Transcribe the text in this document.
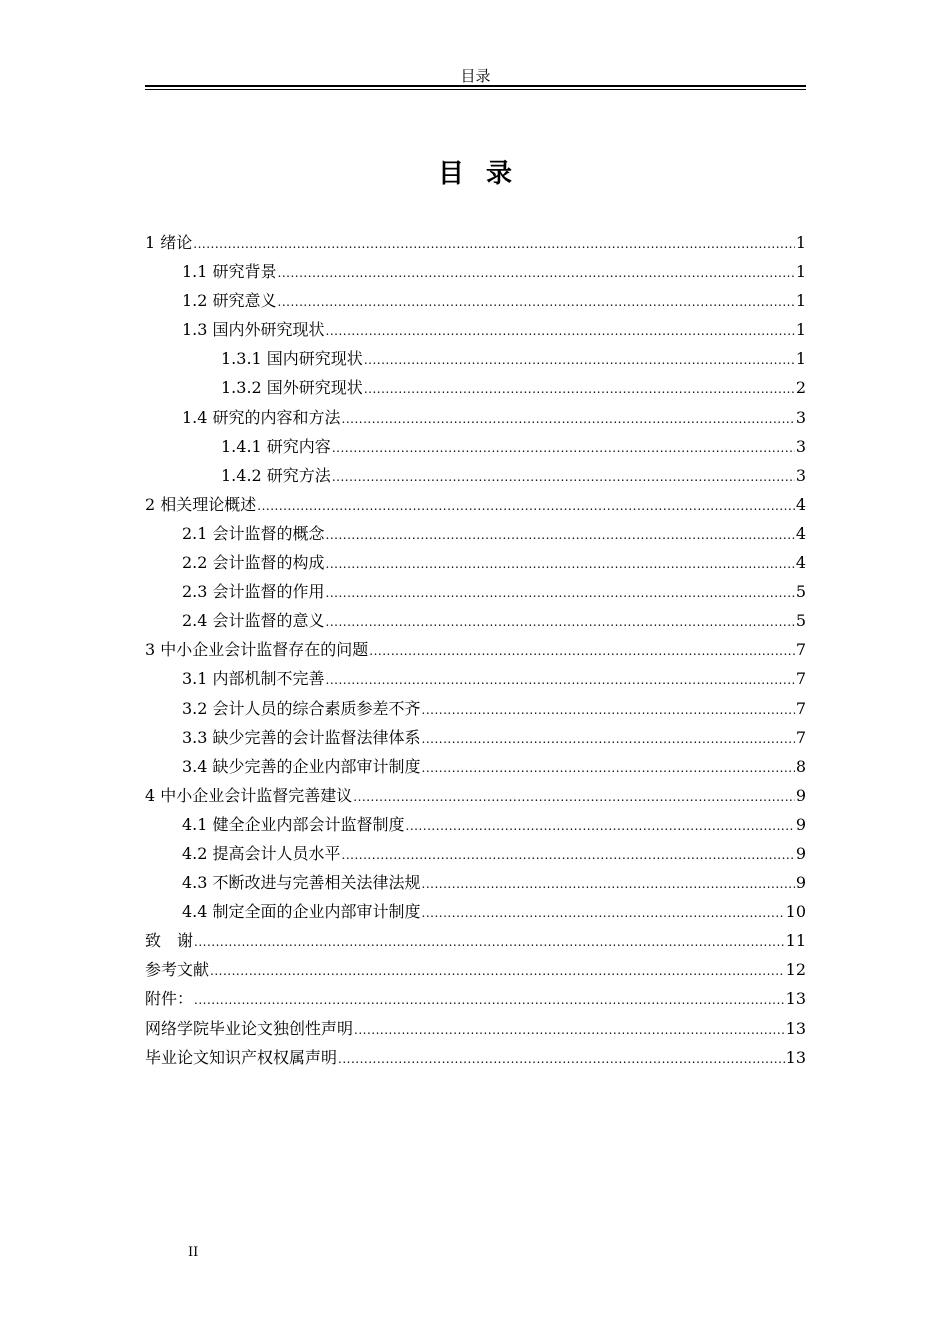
目录
目录
1 绪论 .....	1
1.1 研究背景 .....	1
1.2 研究意义 .....	1
1.3 国内外研究现状 .....	1
1.3.1 国内研究现状 .....	1
1.3.2 国外研究现状 .....	2
1.4 研究的内容和方法 .....	3
1.4.1 研究内容 .....	3
1.4.2 研究方法 .....	3
2 相关理论概述 .....	4
2.1 会计监督的概念 .....	4
2.2 会计监督的构成 .....	4
2.3 会计监督的作用 .....	5
2.4 会计监督的意义 .....	5
3 中小企业会计监督存在的问题 .....	7
3.1 内部机制不完善 .....	7
3.2 会计人员的综合素质参差不齐 .....	7
3.3 缺少完善的会计监督法律体系 .....	7
3.4 缺少完善的企业内部审计制度 .....	8
4 中小企业会计监督完善建议 .....	9
4.1 健全企业内部会计监督制度 .....	9
4.2 提高会计人员水平 .....	9
4.3 不断改进与完善相关法律法规 .....	9
4.4 制定全面的企业内部审计制度 .....	10
致　谢 .....	11
参考文献 .....	12
附件： .....	13
网络学院毕业论文独创性声明 .....	13
毕业论文知识产权权属声明 .....	13
II
